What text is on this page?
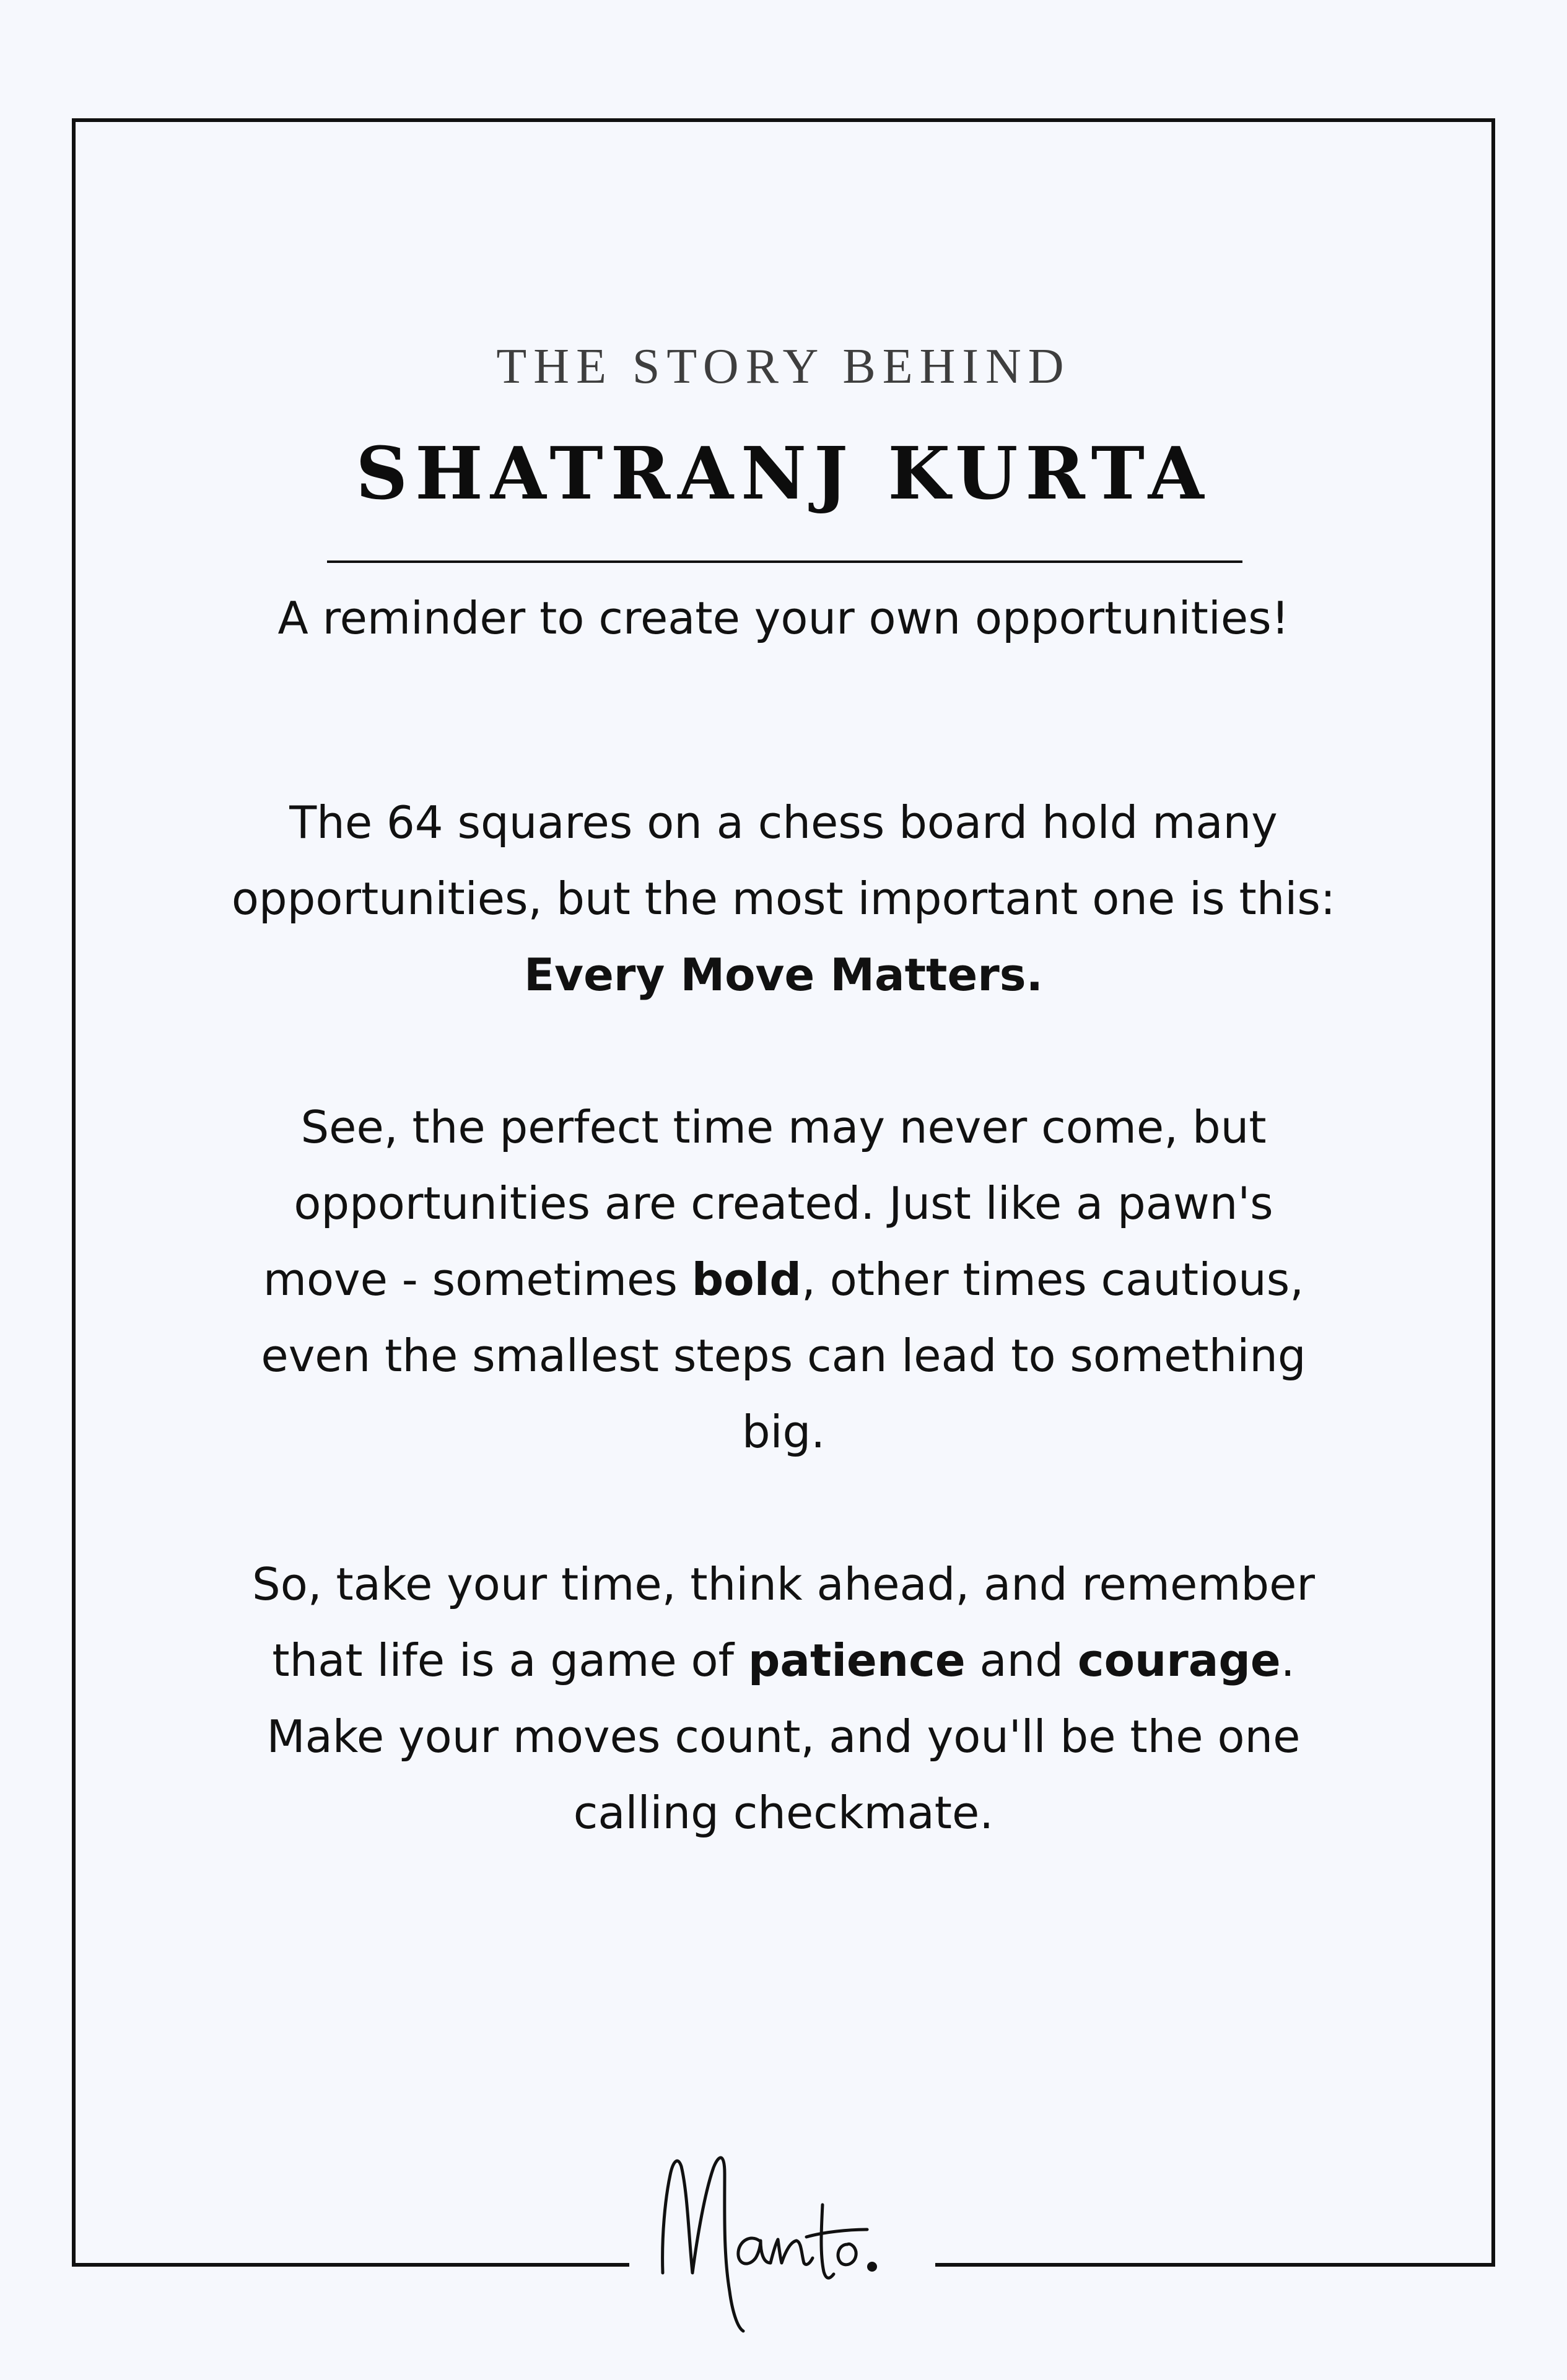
THE STORY BEHIND
SHATRANJ KURTA
A reminder to create your own opportunities!
The 64 squares on a chess board hold many
opportunities, but the most important one is this:
Every Move Matters.
See, the perfect time may never come, but
opportunities are created. Just like a pawn's
move - sometimes bold, other times cautious,
even the smallest steps can lead to something
big.
So, take your time, think ahead, and remember
that life is a game of patience and courage.
Make your moves count, and you'll be the one
calling checkmate.
